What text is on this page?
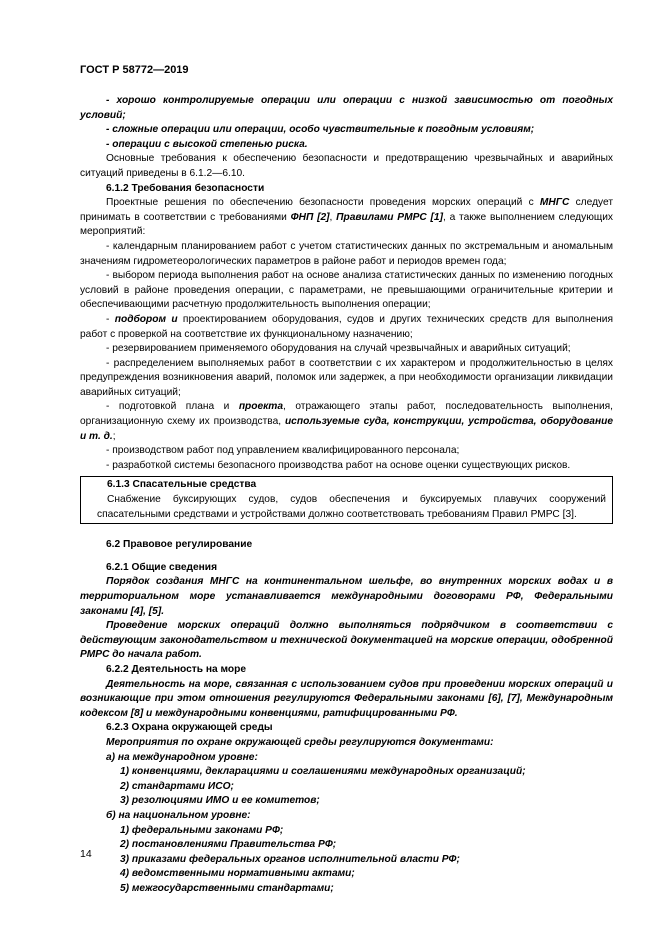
ГОСТ Р 58772—2019

- хорошо контролируемые операции или операции с низкой зависимостью от погодных условий;

- сложные операции или операции, особо чувствительные к погодным условиям;

- операции с высокой степенью риска.

Основные требования к обеспечению безопасности и предотвращению чрезвычайных и аварийных ситуаций приведены в 6.1.2—6.10.

6.1.2 Требования безопасности

Проектные решения по обеспечению безопасности проведения морских операций с МНГС следует принимать в соответствии с требованиями ФНП [2], Правилами РМРС [1], а также выполнением следующих мероприятий:

- календарным планированием работ с учетом статистических данных по экстремальным и аномальным значениям гидрометеорологических параметров в районе работ и периодов времен года;

- выбором периода выполнения работ на основе анализа статистических данных по изменению погодных условий в районе проведения операции, с параметрами, не превышающими ограничительные критерии и обеспечивающими расчетную продолжительность выполнения операции;

- подбором и проектированием оборудования, судов и других технических средств для выполнения работ с проверкой на соответствие их функциональному назначению;

- резервированием применяемого оборудования на случай чрезвычайных и аварийных ситуаций;

- распределением выполняемых работ в соответствии с их характером и продолжительностью в целях предупреждения возникновения аварий, поломок или задержек, а при необходимости организации ликвидации аварийных ситуаций;

- подготовкой плана и проекта, отражающего этапы работ, последовательность выполнения, организационную схему их производства, используемые суда, конструкции, устройства, оборудование и т. д.;

- производством работ под управлением квалифицированного персонала;

- разработкой системы безопасного производства работ на основе оценки существующих рисков.

6.1.3 Спасательные средства

Снабжение буксирующих судов, судов обеспечения и буксируемых плавучих сооружений спасательными средствами и устройствами должно соответствовать требованиям Правил РМРС [3].

6.2 Правовое регулирование

6.2.1 Общие сведения

Порядок создания МНГС на континентальном шельфе, во внутренних морских водах и в территориальном море устанавливается международными договорами РФ, Федеральными законами [4], [5].

Проведение морских операций должно выполняться подрядчиком в соответствии с действующим законодательством и технической документацией на морские операции, одобренной РМРС до начала работ.

6.2.2 Деятельность на море

Деятельность на море, связанная с использованием судов при проведении морских операций и возникающие при этом отношения регулируются Федеральными законами [6], [7], Международным кодексом [8] и международными конвенциями, ратифицированными РФ.

6.2.3 Охрана окружающей среды

Мероприятия по охране окружающей среды регулируются документами:

а) на международном уровне:

1) конвенциями, декларациями и соглашениями международных организаций;

2) стандартами ИСО;

3) резолюциями ИМО и ее комитетов;

б) на национальном уровне:

1) федеральными законами РФ;

2) постановлениями Правительства РФ;

3) приказами федеральных органов исполнительной власти РФ;

4) ведомственными нормативными актами;

5) межгосударственными стандартами;

14
